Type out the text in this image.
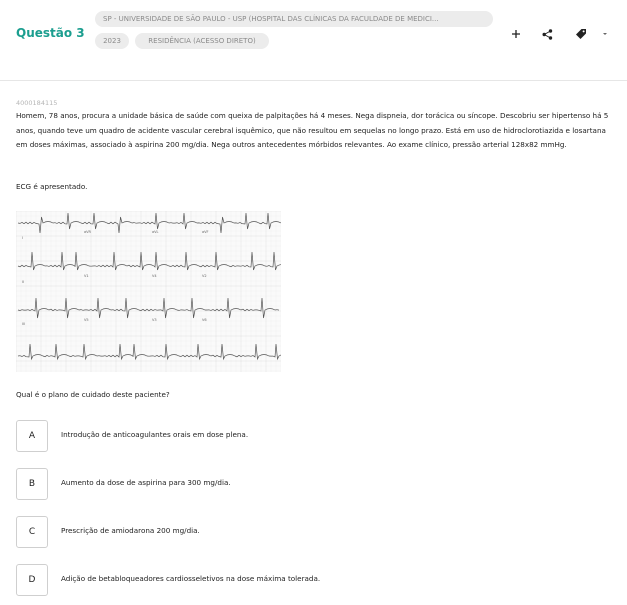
Questão 3
SP - UNIVERSIDADE DE SÃO PAULO - USP (HOSPITAL DAS CLÍNICAS DA FACULDADE DE MEDICI...
2023	RESIDÊNCIA (ACESSO DIRETO)
4000184115
Homem, 78 anos, procura a unidade básica de saúde com queixa de palpitações há 4 meses. Nega dispneia, dor torácica ou síncope. Descobriu ser hipertenso há 5 anos, quando teve um quadro de acidente vascular cerebral isquêmico, que não resultou em sequelas no longo prazo. Está em uso de hidroclorotiazida e losartana em doses máximas, associado à aspirina 200 mg/dia. Nega outros antecedentes mórbidos relevantes. Ao exame clínico, pressão arterial 128x82 mmHg.
ECG é apresentado.
aVR	aVL	aVF
V1	V4	V2
V5	V3	V6
I
II
III
Qual é o plano de cuidado deste paciente?
A	Introdução de anticoagulantes orais em dose plena.
B	Aumento da dose de aspirina para 300 mg/dia.
C	Prescrição de amiodarona 200 mg/dia.
D	Adição de betabloqueadores cardiosseletivos na dose máxima tolerada.
